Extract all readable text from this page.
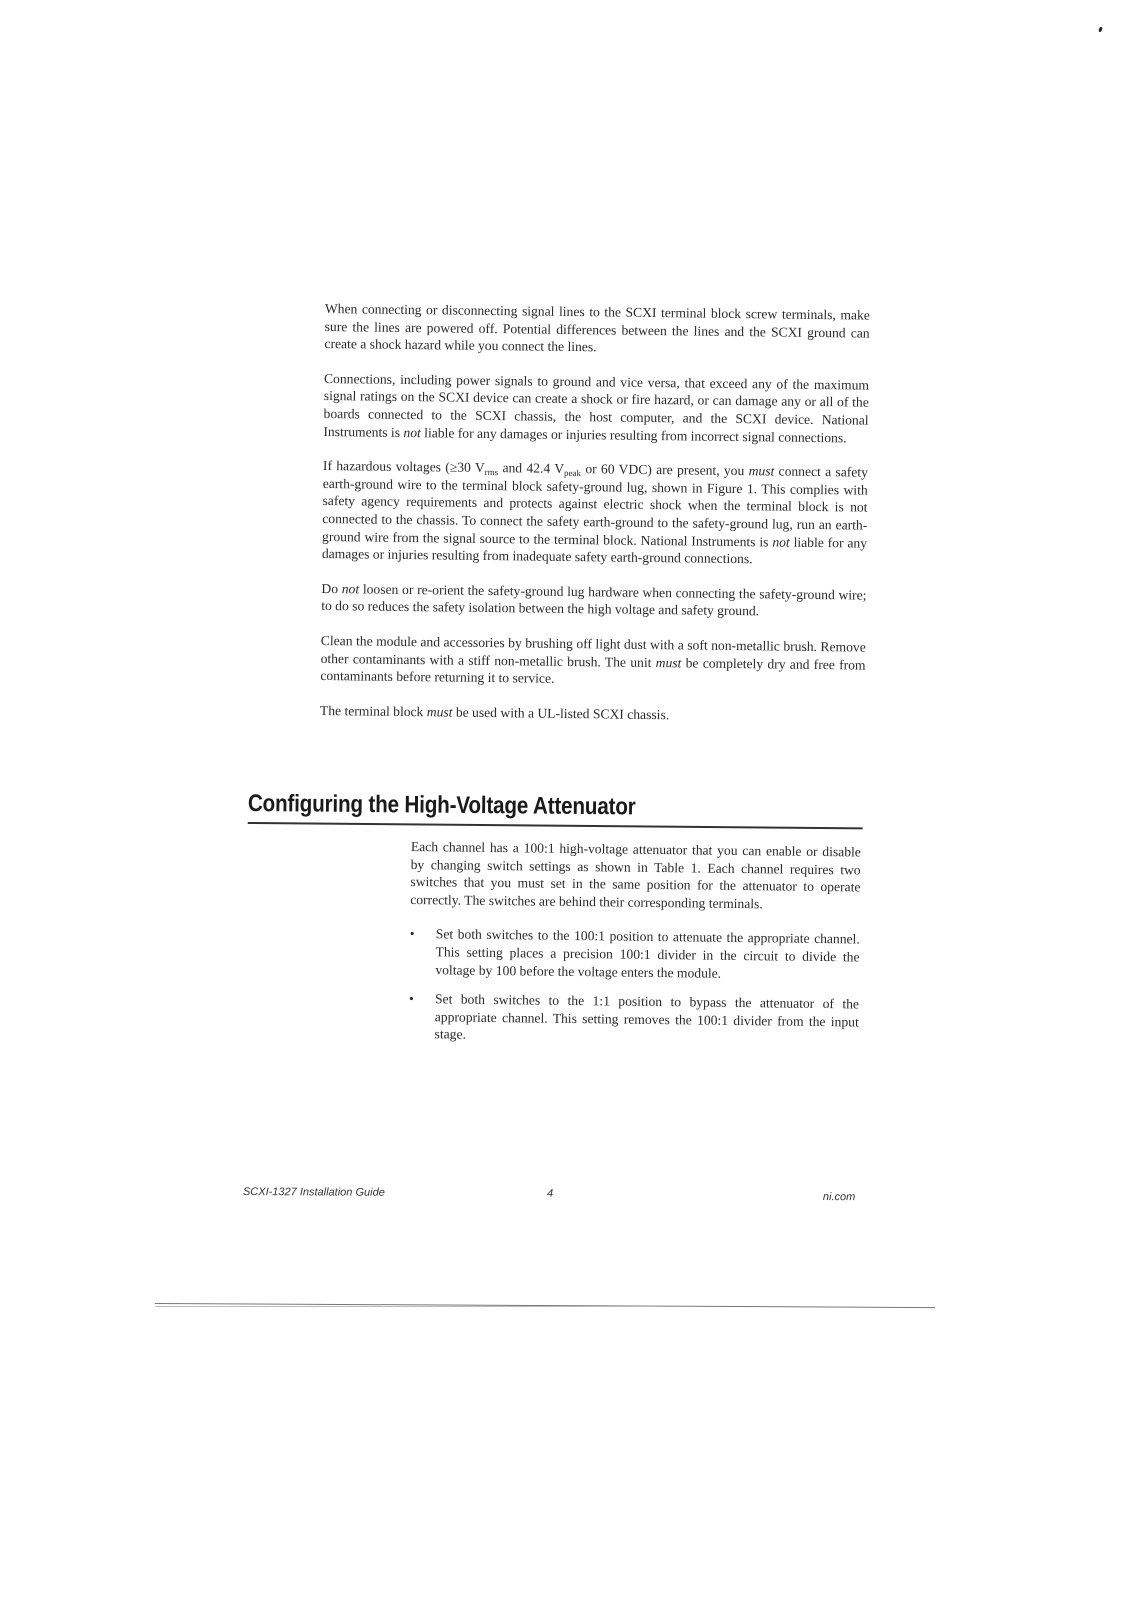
When connecting or disconnecting signal lines to the SCXI terminal block screw terminals, make sure the lines are powered off. Potential differences between the lines and the SCXI ground can create a shock hazard while you connect the lines.

Connections, including power signals to ground and vice versa, that exceed any of the maximum signal ratings on the SCXI device can create a shock or fire hazard, or can damage any or all of the boards connected to the SCXI chassis, the host computer, and the SCXI device. National Instruments is not liable for any damages or injuries resulting from incorrect signal connections.

If hazardous voltages (≥30 $V_{rms}$ and 42.4 $V_{peak}$ or 60 VDC) are present, you must connect a safety earth-ground wire to the terminal block safety-ground lug, shown in Figure 1. This complies with safety agency requirements and protects against electric shock when the terminal block is not connected to the chassis. To connect the safety earth-ground to the safety-ground lug, run an earth-ground wire from the signal source to the terminal block. National Instruments is not liable for any damages or injuries resulting from inadequate safety earth-ground connections.

Do not loosen or re-orient the safety-ground lug hardware when connecting the safety-ground wire; to do so reduces the safety isolation between the high voltage and safety ground.

Clean the module and accessories by brushing off light dust with a soft non-metallic brush. Remove other contaminants with a stiff non-metallic brush. The unit must be completely dry and free from contaminants before returning it to service.

The terminal block must be used with a UL-listed SCXI chassis.

Configuring the High-Voltage Attenuator

Each channel has a 100:1 high-voltage attenuator that you can enable or disable by changing switch settings as shown in Table 1. Each channel requires two switches that you must set in the same position for the attenuator to operate correctly. The switches are behind their corresponding terminals.

• Set both switches to the 100:1 position to attenuate the appropriate channel. This setting places a precision 100:1 divider in the circuit to divide the voltage by 100 before the voltage enters the module.
• Set both switches to the 1:1 position to bypass the attenuator of the appropriate channel. This setting removes the 100:1 divider from the input stage.
SCXI-1327 Installation Guide	4	ni.com
